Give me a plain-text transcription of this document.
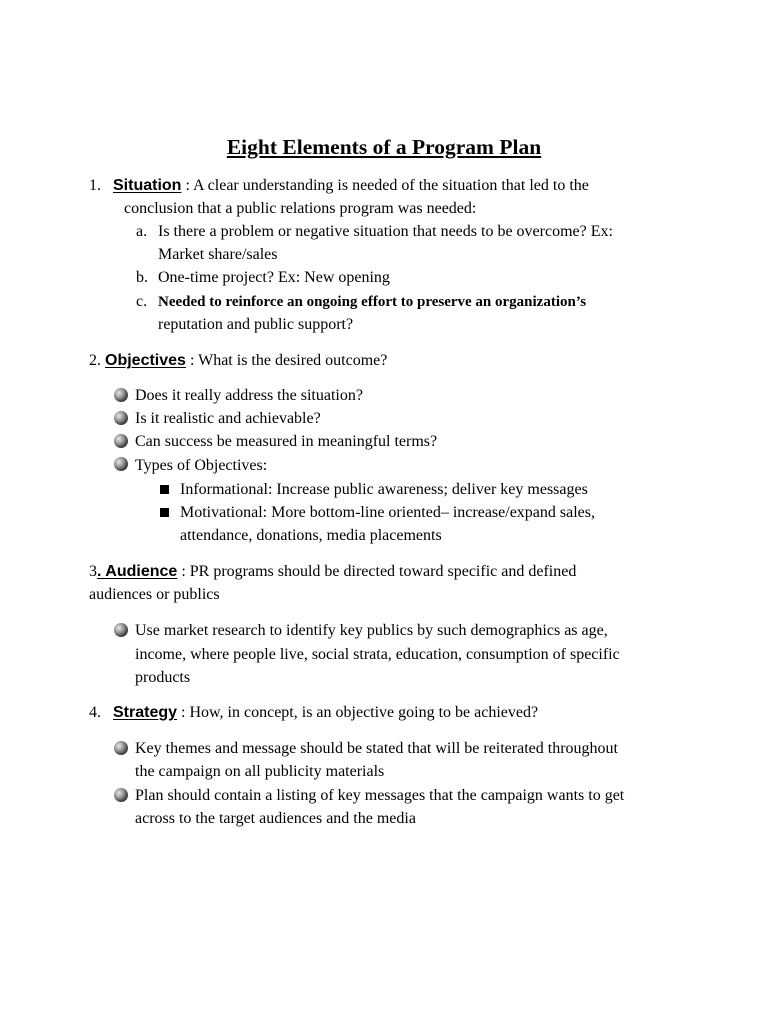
Eight Elements of a Program Plan
1. Situation : A clear understanding is needed of the situation that led to the
conclusion that a public relations program was needed:
a. Is there a problem or negative situation that needs to be overcome? Ex:
Market share/sales
b. One-time project? Ex: New opening
c. Needed to reinforce an ongoing effort to preserve an organization’s
reputation and public support?
2. Objectives : What is the desired outcome?
Does it really address the situation?
Is it realistic and achievable?
Can success be measured in meaningful terms?
Types of Objectives:
Informational: Increase public awareness; deliver key messages
Motivational: More bottom-line oriented– increase/expand sales,
attendance, donations, media placements
3. Audience : PR programs should be directed toward specific and defined
audiences or publics
Use market research to identify key publics by such demographics as age,
income, where people live, social strata, education, consumption of specific
products
4. Strategy : How, in concept, is an objective going to be achieved?
Key themes and message should be stated that will be reiterated throughout
the campaign on all publicity materials
Plan should contain a listing of key messages that the campaign wants to get
across to the target audiences and the media
